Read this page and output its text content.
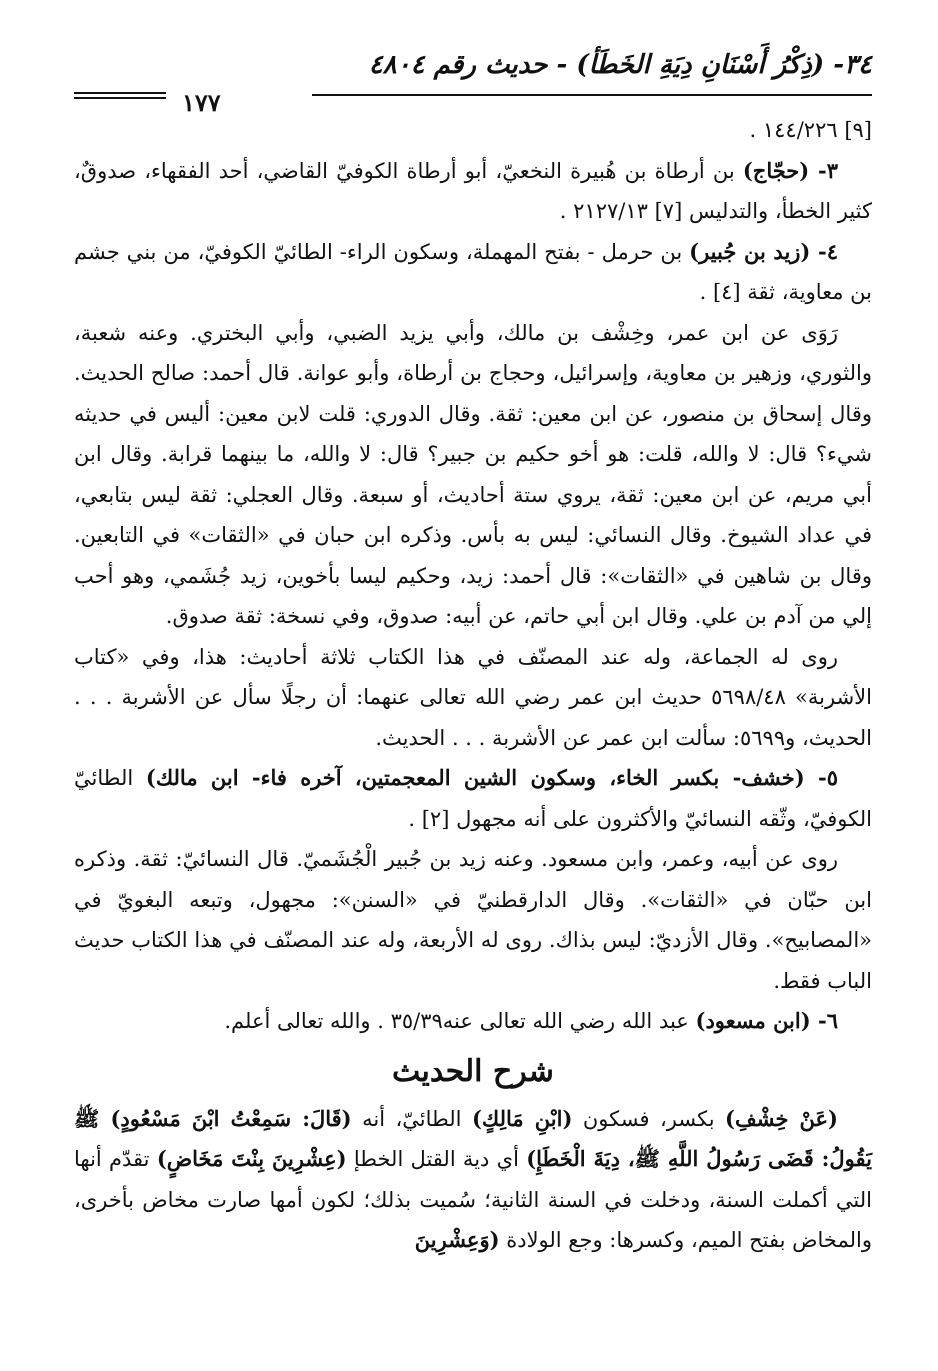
٣٤- (ذِكْرُ أَسْنَانِ دِيَةِ الخَطَأ) - حديث رقم ٤٨٠٤
١٧٧

[٩] ١٤٤/٢٢٦ .

٣- (حجّاج) بن أرطاة بن هُبيرة النخعيّ، أبو أرطاة الكوفيّ القاضي، أحد الفقهاء، صدوقٌ، كثير الخطأ، والتدليس [٧] ٢١٢٧/١٣ .

٤- (زيد بن جُبير) بن حرمل - بفتح المهملة، وسكون الراء- الطائيّ الكوفيّ، من بني جشم بن معاوية، ثقة [٤] .

رَوَى عن ابن عمر، وخِشْف بن مالك، وأبي يزيد الضبي، وأبي البختري. وعنه شعبة، والثوري، وزهير بن معاوية، وإسرائيل، وحجاج بن أرطاة، وأبو عوانة. قال أحمد: صالح الحديث. وقال إسحاق بن منصور، عن ابن معين: ثقة. وقال الدوري: قلت لابن معين: أليس في حديثه شيء؟ قال: لا والله، قلت: هو أخو حكيم بن جبير؟ قال: لا والله، ما بينهما قرابة. وقال ابن أبي مريم، عن ابن معين: ثقة، يروي ستة أحاديث، أو سبعة. وقال العجلي: ثقة ليس بتابعي، في عداد الشيوخ. وقال النسائي: ليس به بأس. وذكره ابن حبان في «الثقات» في التابعين. وقال بن شاهين في «الثقات»: قال أحمد: زيد، وحكيم ليسا بأخوين، زيد جُشَمي، وهو أحب إلي من آدم بن علي. وقال ابن أبي حاتم، عن أبيه: صدوق، وفي نسخة: ثقة صدوق.

روى له الجماعة، وله عند المصنّف في هذا الكتاب ثلاثة أحاديث: هذا، وفي «كتاب الأشربة» ٥٦٩٨/٤٨ حديث ابن عمر رضي الله تعالى عنهما: أن رجلًا سأل عن الأشربة . . . الحديث، و٥٦٩٩: سألت ابن عمر عن الأشربة . . . الحديث.

٥- (خشف- بكسر الخاء، وسكون الشين المعجمتين، آخره فاء- ابن مالك) الطائيّ الكوفيّ، وثّقه النسائيّ والأكثرون على أنه مجهول [٢] .

روى عن أبيه، وعمر، وابن مسعود. وعنه زيد بن جُبير الْجُشَميّ. قال النسائيّ: ثقة. وذكره ابن حبّان في «الثقات». وقال الدارقطنيّ في «السنن»: مجهول، وتبعه البغويّ في «المصابيح». وقال الأزديّ: ليس بذاك. روى له الأربعة، وله عند المصنّف في هذا الكتاب حديث الباب فقط.

٦- (ابن مسعود) عبد الله رضي الله تعالى عنه٣٥/٣٩ . والله تعالى أعلم.

شرح الحديث

(عَنْ خِشْفِ) بكسر، فسكون (ابْنِ مَالِكٍ) الطائيّ، أنه (قَالَ: سَمِعْتُ ابْنَ مَسْعُودٍ) ﷺ يَقُولُ: قَضَى رَسُولُ اللَّهِ ﷺ، دِيَةَ الْخَطَإِ) أي دية القتل الخطإ (عِشْرِينَ بِنْتَ مَخَاضٍ) تقدّم أنها التي أكملت السنة، ودخلت في السنة الثانية؛ سُميت بذلك؛ لكون أمها صارت مخاض بأخرى، والمخاض بفتح الميم، وكسرها: وجع الولادة (وَعِشْرِينَ
